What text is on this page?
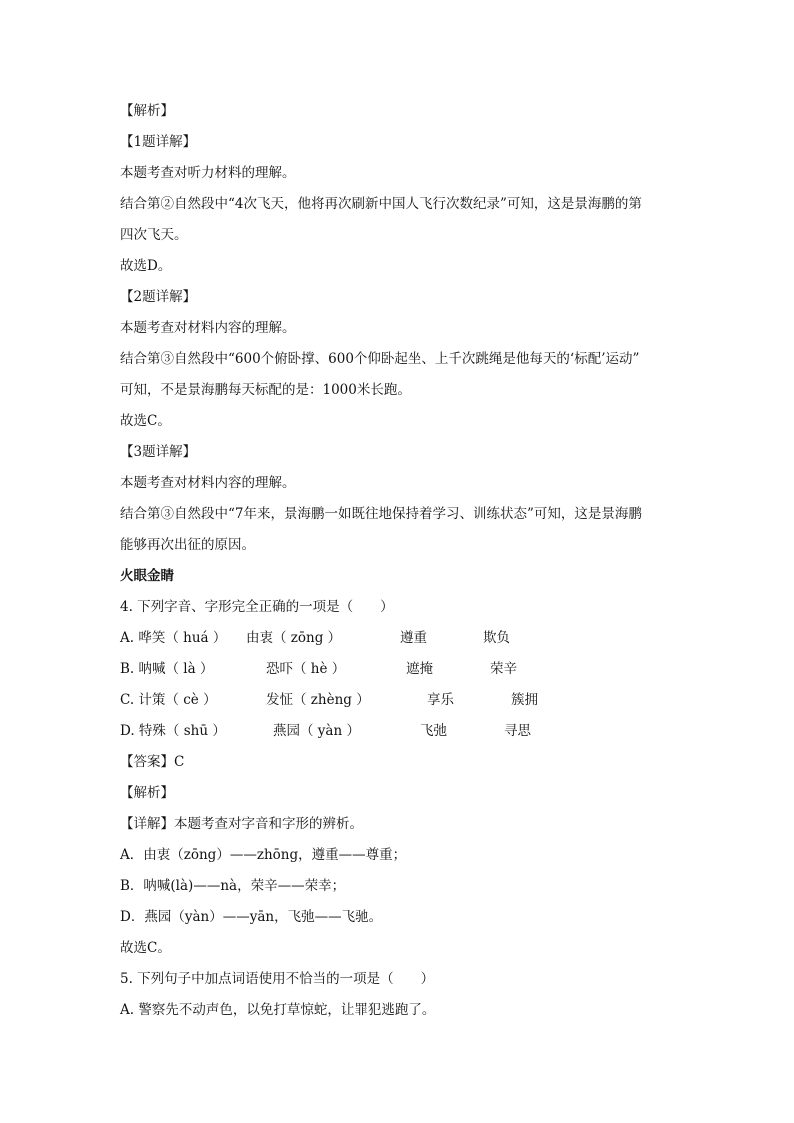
【解析】
【1题详解】
本题考查对听力材料的理解。
结合第②自然段中“4次飞天，他将再次刷新中国人飞行次数纪录”可知，这是景海鹏的第
四次飞天。
故选D。
【2题详解】
本题考查对材料内容的理解。
结合第③自然段中“600个俯卧撑、600个仰卧起坐、上千次跳绳是他每天的‘标配’运动”
可知，不是景海鹏每天标配的是：1000米长跑。
故选C。
【3题详解】
本题考查对材料内容的理解。
结合第③自然段中“7年来，景海鹏一如既往地保持着学习、训练状态”可知，这是景海鹏
能够再次出征的原因。
火眼金睛
4. 下列字音、字形完全正确的一项是（　　）
A. 哗笑（ huá ） 由衷（ zōng ）	遵重	欺负
B. 呐喊（ là ）	恐吓（ hè ）	遮掩	荣辛
C. 计策（ cè ）	发怔（ zhèng ）	享乐	簇拥
D. 特殊（ shū ）	燕园（ yàn ）	飞弛	寻思
【答案】C
【解析】
【详解】本题考查对字音和字形的辨析。
A．由衷（zōng）——zhōng，遵重——尊重；
B．呐喊(là)——nà，荣辛——荣幸；
D．燕园（yàn）——yān，飞弛——飞驰。
故选C。
5. 下列句子中加点词语使用不恰当的一项是（　　）
A. 警察先不动声色，以免打草惊蛇，让罪犯逃跑了。
